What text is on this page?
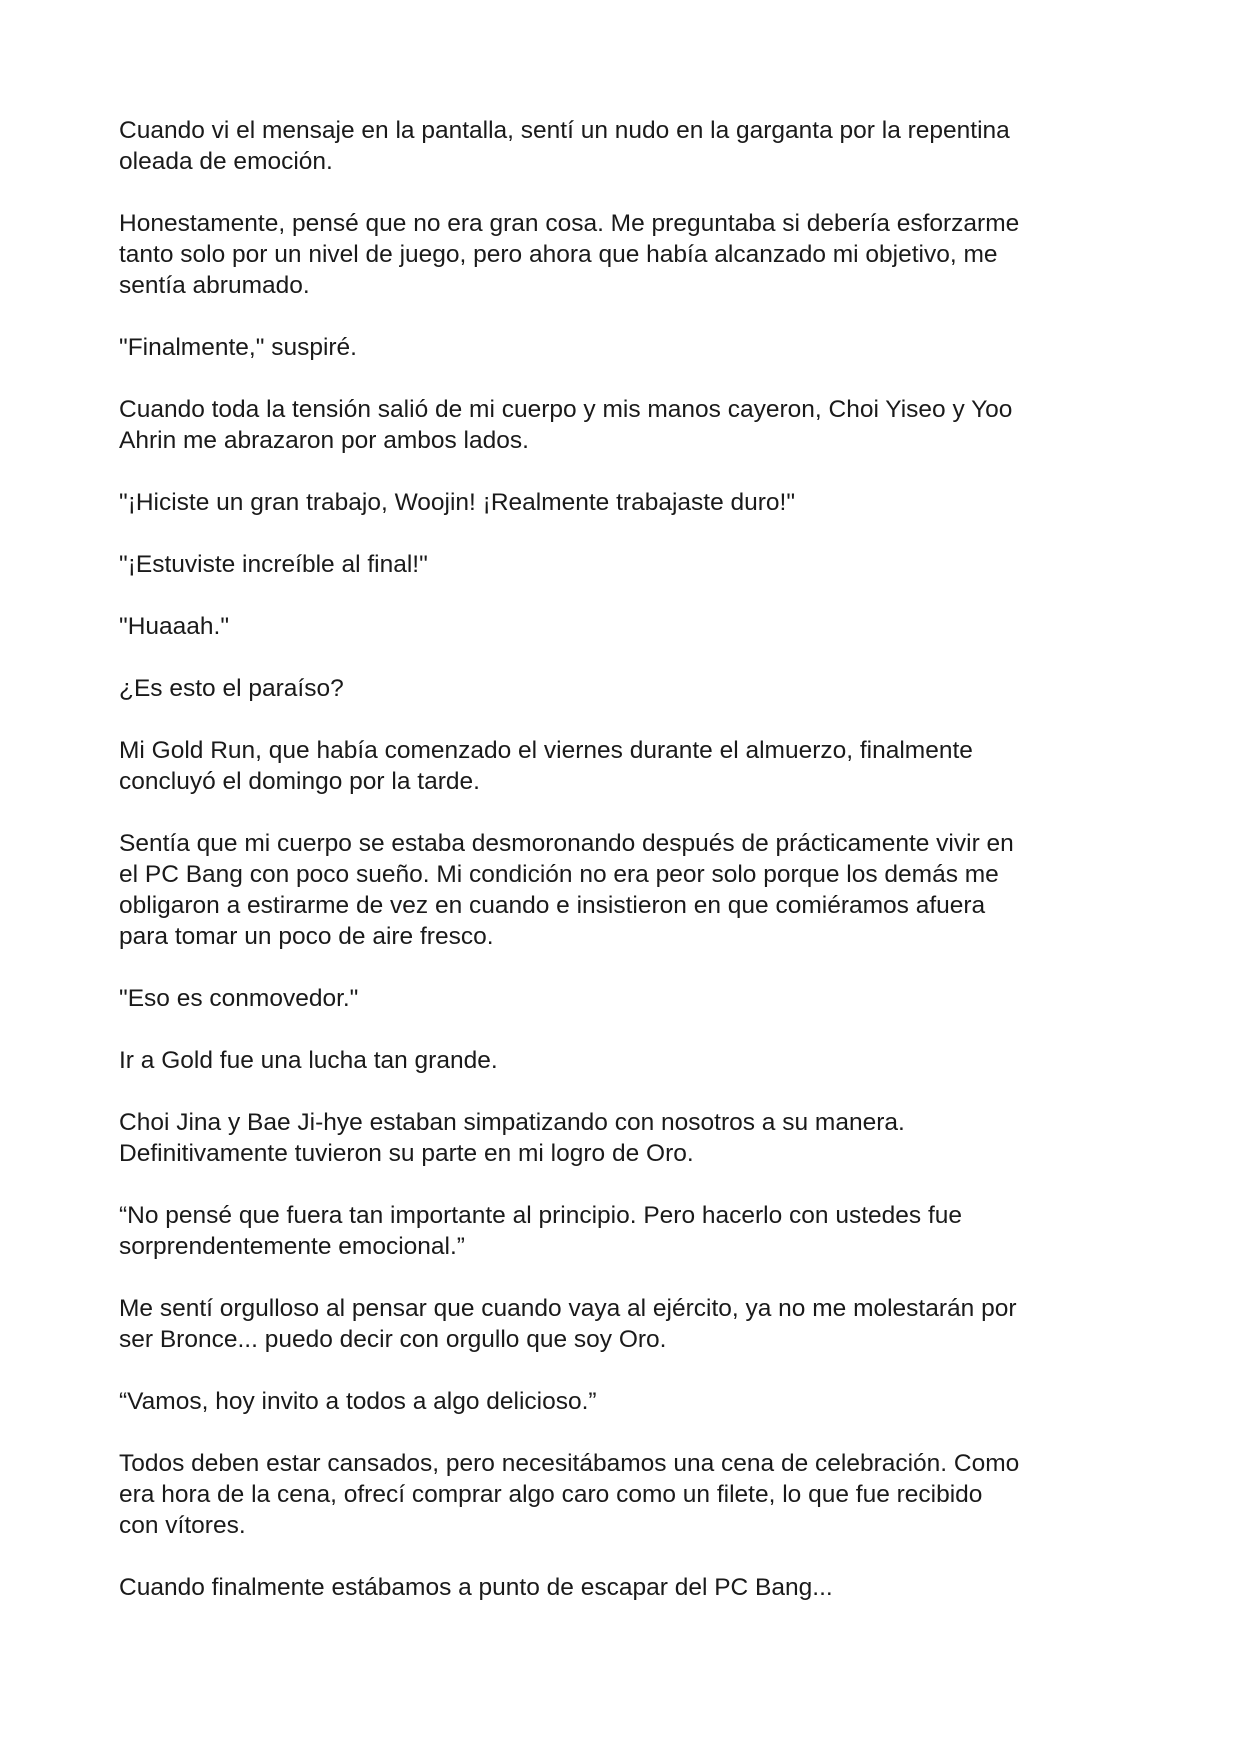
Cuando vi el mensaje en la pantalla, sentí un nudo en la garganta por la repentina
oleada de emoción.

Honestamente, pensé que no era gran cosa. Me preguntaba si debería esforzarme
tanto solo por un nivel de juego, pero ahora que había alcanzado mi objetivo, me
sentía abrumado.

"Finalmente," suspiré.

Cuando toda la tensión salió de mi cuerpo y mis manos cayeron, Choi Yiseo y Yoo
Ahrin me abrazaron por ambos lados.

"¡Hiciste un gran trabajo, Woojin! ¡Realmente trabajaste duro!"

"¡Estuviste increíble al final!"

"Huaaah."

¿Es esto el paraíso?

Mi Gold Run, que había comenzado el viernes durante el almuerzo, finalmente
concluyó el domingo por la tarde.

Sentía que mi cuerpo se estaba desmoronando después de prácticamente vivir en
el PC Bang con poco sueño. Mi condición no era peor solo porque los demás me
obligaron a estirarme de vez en cuando e insistieron en que comiéramos afuera
para tomar un poco de aire fresco.

"Eso es conmovedor."

Ir a Gold fue una lucha tan grande.

Choi Jina y Bae Ji-hye estaban simpatizando con nosotros a su manera.
Definitivamente tuvieron su parte en mi logro de Oro.

“No pensé que fuera tan importante al principio. Pero hacerlo con ustedes fue
sorprendentemente emocional.”

Me sentí orgulloso al pensar que cuando vaya al ejército, ya no me molestarán por
ser Bronce... puedo decir con orgullo que soy Oro.

“Vamos, hoy invito a todos a algo delicioso.”

Todos deben estar cansados, pero necesitábamos una cena de celebración. Como
era hora de la cena, ofrecí comprar algo caro como un filete, lo que fue recibido
con vítores.

Cuando finalmente estábamos a punto de escapar del PC Bang...
